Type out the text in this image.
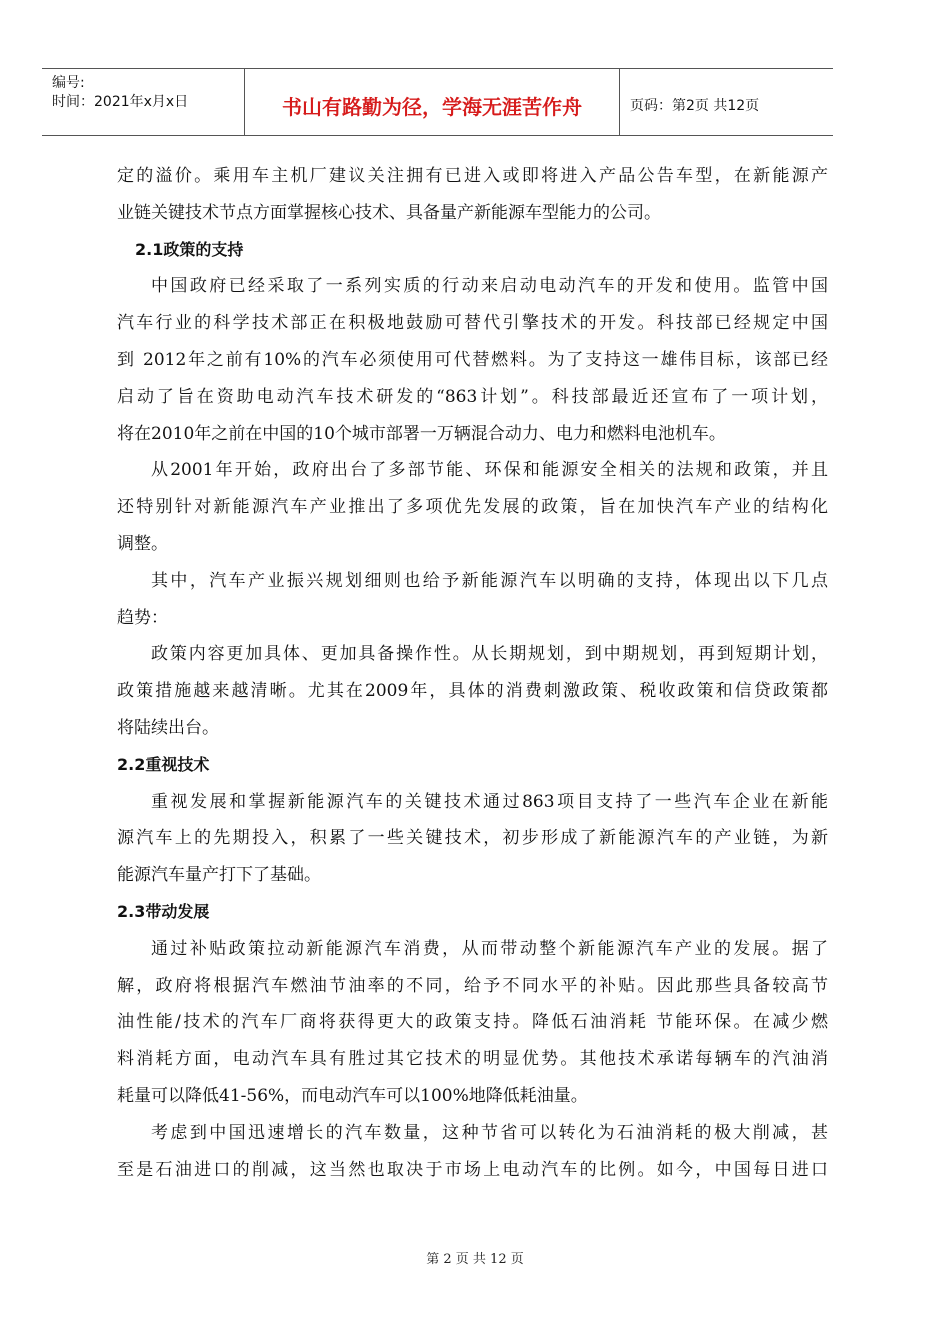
编号:
时间：2021年x月x日	书山有路勤为径，学海无涯苦作舟	页码：第2页 共12页
定的溢价。乘用车主机厂建议关注拥有已进入或即将进入产品公告车型，在新能源产
业链关键技术节点方面掌握核心技术、具备量产新能源车型能力的公司。
2.1政策的支持
中国政府已经采取了一系列实质的行动来启动电动汽车的开发和使用。监管中国
汽车行业的科学技术部正在积极地鼓励可替代引擎技术的开发。科技部已经规定中国
到 2012年之前有10%的汽车必须使用可代替燃料。为了支持这一雄伟目标，该部已经
启动了旨在资助电动汽车技术研发的“863计划”。科技部最近还宣布了一项计划，
将在2010年之前在中国的10个城市部署一万辆混合动力、电力和燃料电池机车。
从2001年开始，政府出台了多部节能、环保和能源安全相关的法规和政策，并且
还特别针对新能源汽车产业推出了多项优先发展的政策，旨在加快汽车产业的结构化
调整。
其中，汽车产业振兴规划细则也给予新能源汽车以明确的支持，体现出以下几点
趋势：
政策内容更加具体、更加具备操作性。从长期规划，到中期规划，再到短期计划，
政策措施越来越清晰。尤其在2009年，具体的消费刺激政策、税收政策和信贷政策都
将陆续出台。
2.2重视技术
重视发展和掌握新能源汽车的关键技术通过863项目支持了一些汽车企业在新能
源汽车上的先期投入，积累了一些关键技术，初步形成了新能源汽车的产业链，为新
能源汽车量产打下了基础。
2.3带动发展
通过补贴政策拉动新能源汽车消费，从而带动整个新能源汽车产业的发展。据了
解，政府将根据汽车燃油节油率的不同，给予不同水平的补贴。因此那些具备较高节
油性能/技术的汽车厂商将获得更大的政策支持。降低石油消耗 节能环保。在减少燃
料消耗方面，电动汽车具有胜过其它技术的明显优势。其他技术承诺每辆车的汽油消
耗量可以降低41-56%，而电动汽车可以100%地降低耗油量。
考虑到中国迅速增长的汽车数量，这种节省可以转化为石油消耗的极大削减，甚
至是石油进口的削减，这当然也取决于市场上电动汽车的比例。如今，中国每日进口
第 2 页 共 12 页
